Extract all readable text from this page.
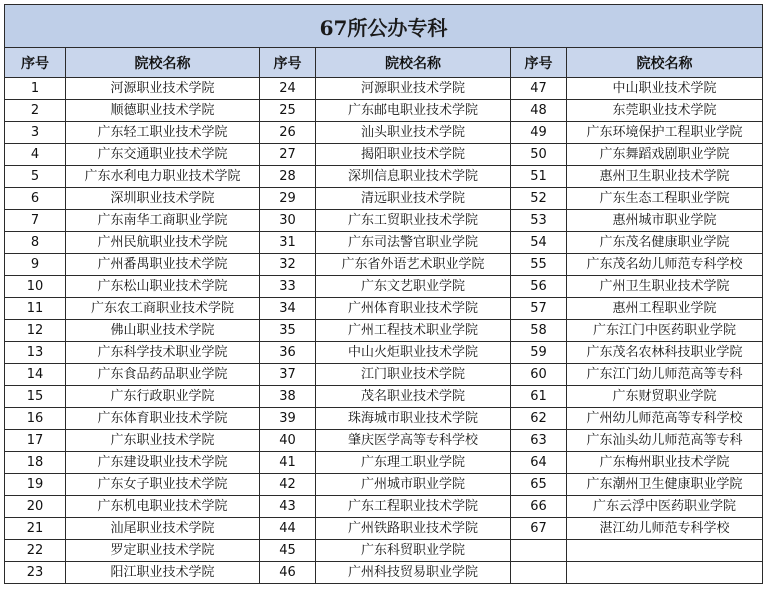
67所公办专科					
序号	院校名称	序号	院校名称	序号	院校名称
1	河源职业技术学院	24	河源职业技术学院	47	中山职业技术学院
2	顺德职业技术学院	25	广东邮电职业技术学院	48	东莞职业技术学院
3	广东轻工职业技术学院	26	汕头职业技术学院	49	广东环境保护工程职业学院
4	广东交通职业技术学院	27	揭阳职业技术学院	50	广东舞蹈戏剧职业学院
5	广东水利电力职业技术学院	28	深圳信息职业技术学院	51	惠州卫生职业技术学院
6	深圳职业技术学院	29	清远职业技术学院	52	广东生态工程职业学院
7	广东南华工商职业学院	30	广东工贸职业技术学院	53	惠州城市职业学院
8	广州民航职业技术学院	31	广东司法警官职业学院	54	广东茂名健康职业学院
9	广州番禺职业技术学院	32	广东省外语艺术职业学院	55	广东茂名幼儿师范专科学校
10	广东松山职业技术学院	33	广东文艺职业学院	56	广州卫生职业技术学院
11	广东农工商职业技术学院	34	广州体育职业技术学院	57	惠州工程职业学院
12	佛山职业技术学院	35	广州工程技术职业学院	58	广东江门中医药职业学院
13	广东科学技术职业学院	36	中山火炬职业技术学院	59	广东茂名农林科技职业学院
14	广东食品药品职业学院	37	江门职业技术学院	60	广东江门幼儿师范高等专科
15	广东行政职业学院	38	茂名职业技术学院	61	广东财贸职业学院
16	广东体育职业技术学院	39	珠海城市职业技术学院	62	广州幼儿师范高等专科学校
17	广东职业技术学院	40	肇庆医学高等专科学校	63	广东汕头幼儿师范高等专科
18	广东建设职业技术学院	41	广东理工职业学院	64	广东梅州职业技术学院
19	广东女子职业技术学院	42	广州城市职业学院	65	广东潮州卫生健康职业学院
20	广东机电职业技术学院	43	广东工程职业技术学院	66	广东云浮中医药职业学院
21	汕尾职业技术学院	44	广州铁路职业技术学院	67	湛江幼儿师范专科学校
22	罗定职业技术学院	45	广东科贸职业学院		
23	阳江职业技术学院	46	广州科技贸易职业学院		
